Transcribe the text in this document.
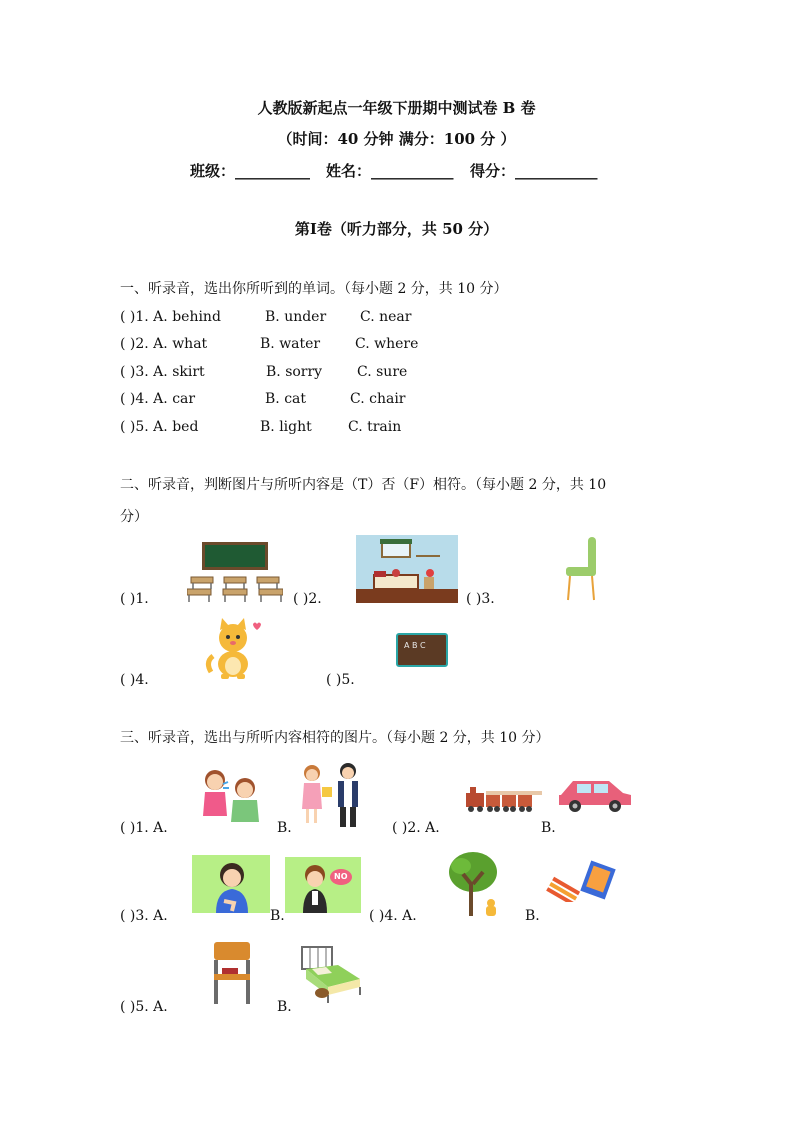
人教版新起点一年级下册期中测试卷 B 卷
（时间：40 分钟 满分：100 分 ）
班级：__________ 姓名：___________ 得分：___________
第Ⅰ卷（听力部分，共 50 分）
一、听录音，选出你所听到的单词。（每小题 2 分，共 10 分）
( )1. A. behind	B. under C. near
( )2. A. what	B. water C. where
( )3. A. skirt	B. sorry C. sure
( )4. A. car	B. cat	C. chair
( )5. A. bed	B. light	C. train
二、听录音，判断图片与所听内容是（T）否（F）相符。（每小题 2 分，共 10
分）
( )1.	( )2.	( )3.
( )4.	( )5.
A B C
三、听录音，选出与所听内容相符的图片。（每小题 2 分，共 10 分）
( )1. A.	B.	( )2. A.	B.
( )3. A.	B.
NO
( )4. A.	B.
( )5. A.	B.
